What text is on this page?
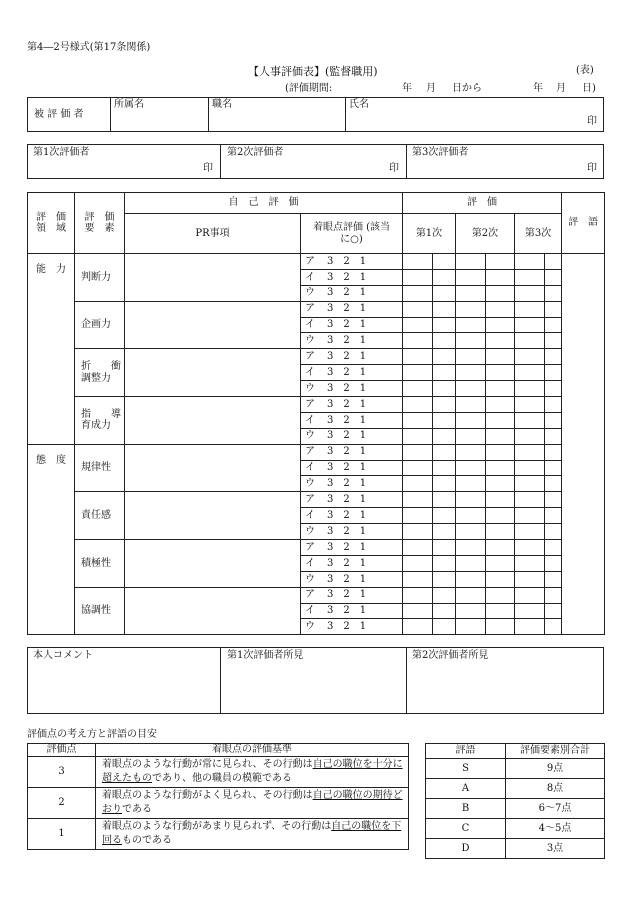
第4―2号様式(第17条関係)
【人事評価表】(監督職用)	(表)
(評価期間:	年 月 日から	年 月 日)
被 評 価 者
所属名	職名	氏名
印
第1次評価者
印
第2次評価者
印
第3次評価者
印
評　価 領　域	評　価 要　素	自　己　評　価		評　価						評　語
		PR事項	着眼点評価 (該当に○)	第1次		第2次		第3次		
能　力	判断力		ア 3　2　1							
			イ 3　2　1							
			ウ 3　2　1							
	企画力		ア 3　2　1							
			イ 3　2　1							
			ウ 3　2　1							
	折　衝 調整力		ア 3　2　1							
			イ 3　2　1							
			ウ 3　2　1							
	指　導 育成力		ア 3　2　1							
			イ 3　2　1							
			ウ 3　2　1							
態　度	規律性		ア 3　2　1							
			イ 3　2　1							
			ウ 3　2　1							
	責任感		ア 3　2　1							
			イ 3　2　1							
			ウ 3　2　1							
	積極性		ア 3　2　1							
			イ 3　2　1							
			ウ 3　2　1							
	協調性		ア 3　2　1							
			イ 3　2　1							
			ウ 3　2　1							
本人コメント	第1次評価者所見	第2次評価者所見
評価点の考え方と評語の目安
評価点	着眼点の評価基準
3	着眼点のような行動が常に見られ、その行動は自己の職位を十分に超えたものであり、他の職員の模範である
2	着眼点のような行動がよく見られ、その行動は自己の職位の期待どおりである
1	着眼点のような行動があまり見られず、その行動は自己の職位を下回るものである
評語	評価要素別合計
S	9点
A	8点
B	6～7点
C	4～5点
D	3点
